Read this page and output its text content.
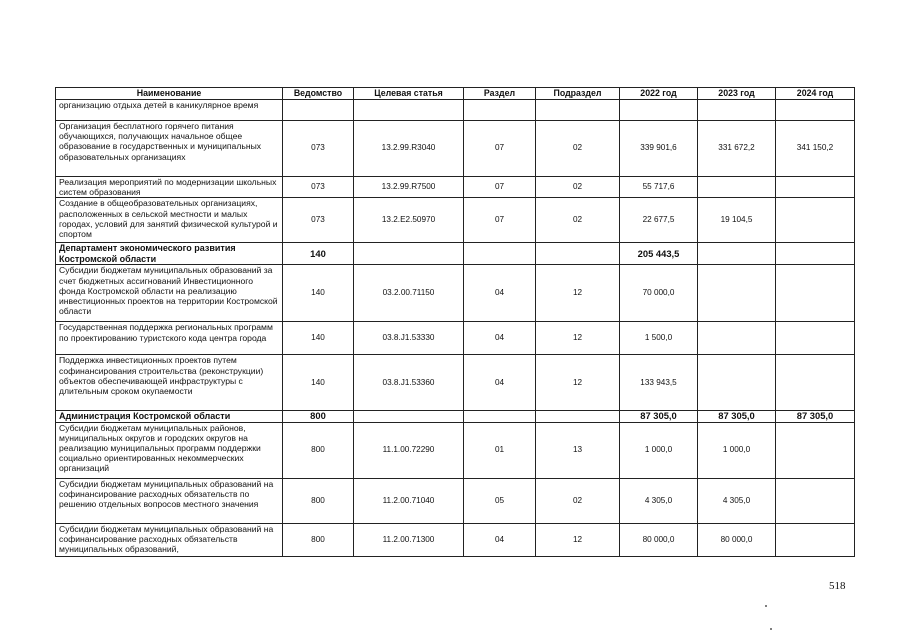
Наименование	Ведомство	Целевая статья	Раздел	Подраздел	2022 год	2023 год	2024 год
организацию отдыха детей в каникулярное время							
Организация бесплатного горячего питания обучающихся, получающих начальное общее образование в государственных и муниципальных образовательных организациях	073	13.2.99.R3040	07	02	339 901,6	331 672,2	341 150,2
Реализация мероприятий по модернизации школьных систем образования	073	13.2.99.R7500	07	02	55 717,6		
Создание в общеобразовательных организациях, расположенных в сельской местности и малых городах, условий для занятий физической культурой и спортом	073	13.2.E2.50970	07	02	22 677,5	19 104,5	
Департамент экономического развития Костромской области	140				205 443,5		
Субсидии бюджетам муниципальных образований за счет бюджетных ассигнований Инвестиционного фонда Костромской области на реализацию инвестиционных проектов на территории Костромской области	140	03.2.00.71150	04	12	70 000,0		
Государственная поддержка региональных программ по проектированию туристского кода центра города	140	03.8.J1.53330	04	12	1 500,0		
Поддержка инвестиционных проектов путем софинансирования строительства (реконструкции) объектов обеспечивающей инфраструктуры с длительным сроком окупаемости	140	03.8.J1.53360	04	12	133 943,5		
Администрация Костромской области	800				87 305,0	87 305,0	87 305,0
Субсидии бюджетам муниципальных районов, муниципальных округов и городских округов на реализацию муниципальных программ поддержки социально ориентированных некоммерческих организаций	800	11.1.00.72290	01	13	1 000,0	1 000,0	
Субсидии бюджетам муниципальных образований на софинансирование расходных обязательств по решению отдельных вопросов местного значения	800	11.2.00.71040	05	02	4 305,0	4 305,0	
Субсидии бюджетам муниципальных образований на софинансирование расходных обязательств муниципальных образований,	800	11.2.00.71300	04	12	80 000,0	80 000,0	
518
